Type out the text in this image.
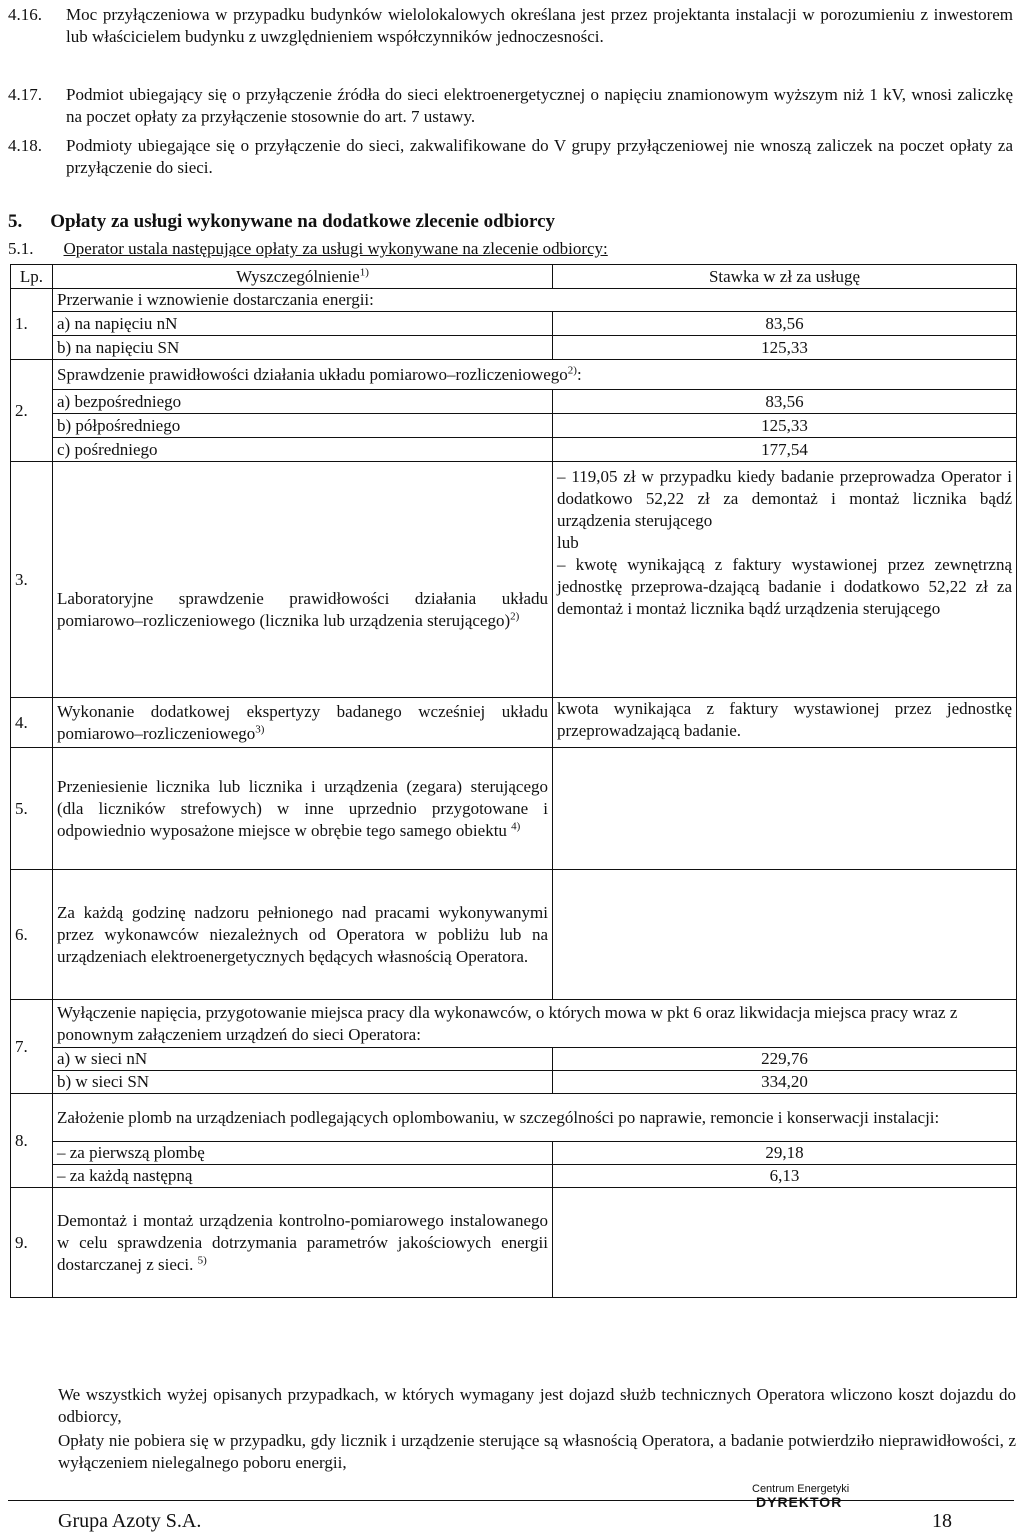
4.16. Moc przyłączeniowa w przypadku budynków wielolokalowych określana jest przez projektanta instalacji w porozumieniu z inwestorem lub właścicielem budynku z uwzględnieniem współczynników jednoczesności.
4.17. Podmiot ubiegający się o przyłączenie źródła do sieci elektroenergetycznej o napięciu znamionowym wyższym niż 1 kV, wnosi zaliczkę na poczet opłaty za przyłączenie stosownie do art. 7 ustawy.
4.18. Podmioty ubiegające się o przyłączenie do sieci, zakwalifikowane do V grupy przyłączeniowej nie wnoszą zaliczek na poczet opłaty za przyłączenie do sieci.
5. Opłaty za usługi wykonywane na dodatkowe zlecenie odbiorcy
5.1. Operator ustala następujące opłaty za usługi wykonywane na zlecenie odbiorcy:
Lp.	Wyszczególnienie$^{1)}$	Stawka w zł za usługę
1.	Przerwanie i wznowienie dostarczania energii:	
	a) na napięciu nN	83,56
	b) na napięciu SN	125,33
2.	Sprawdzenie prawidłowości działania układu pomiarowo–rozliczeniowego$^{2)}$:	
	a) bezpośredniego	83,56
	b) półpośredniego	125,33
	c) pośredniego	177,54
3.	Laboratoryjne sprawdzenie prawidłowości działania układu pomiarowo–rozliczeniowego (licznika lub urządzenia sterującego)$^{2)}$	– 119,05 zł w przypadku kiedy badanie przeprowadza Operator i dodatkowo 52,22 zł za demontaż i montaż licznika bądź urządzenia sterującego
lub
– kwotę wynikającą z faktury wystawionej przez zewnętrzną jednostkę przeprowa-dzającą badanie i dodatkowo 52,22 zł za demontaż i montaż licznika bądź urządzenia sterującego

4.	Wykonanie dodatkowej ekspertyzy badanego wcześniej układu pomiarowo–rozliczeniowego$^{3)}$	kwota wynikająca z faktury wystawionej przez jednostkę przeprowadzającą badanie.
5.	Przeniesienie licznika lub licznika i urządzenia (zegara) sterującego (dla liczników strefowych) w inne uprzednio przygotowane i odpowiednio wyposażone miejsce w obrębie tego samego obiektu $^{4)}$	
6.	Za każdą godzinę nadzoru pełnionego nad pracami wykonywanymi przez wykonawców niezależnych od Operatora w pobliżu lub na urządzeniach elektroenergetycznych będących własnością Operatora.	
7.	Wyłączenie napięcia, przygotowanie miejsca pracy dla wykonawców, o których mowa w pkt 6 oraz likwidacja miejsca pracy wraz z ponownym załączeniem urządzeń do sieci Operatora:	
	a) w sieci nN	229,76
	b) w sieci SN	334,20
8.	Założenie plomb na urządzeniach podlegających oplombowaniu, w szczególności po naprawie, remoncie i konserwacji instalacji:	
	– za pierwszą plombę	29,18
	– za każdą następną	6,13
9.	Demontaż i montaż urządzenia kontrolno-pomiarowego instalowanego w celu sprawdzenia dotrzymania parametrów jakościowych energii dostarczanej z sieci. $^{5)}$	
We wszystkich wyżej opisanych przypadkach, w których wymagany jest dojazd służb technicznych Operatora wliczono koszt dojazdu do odbiorcy,
Opłaty nie pobiera się w przypadku, gdy licznik i urządzenie sterujące są własnością Operatora, a badanie potwierdziło nieprawidłowości, z wyłączeniem nielegalnego poboru energii,
Centrum Energetyki
DYREKTOR
Grupa Azoty S.A.	18
